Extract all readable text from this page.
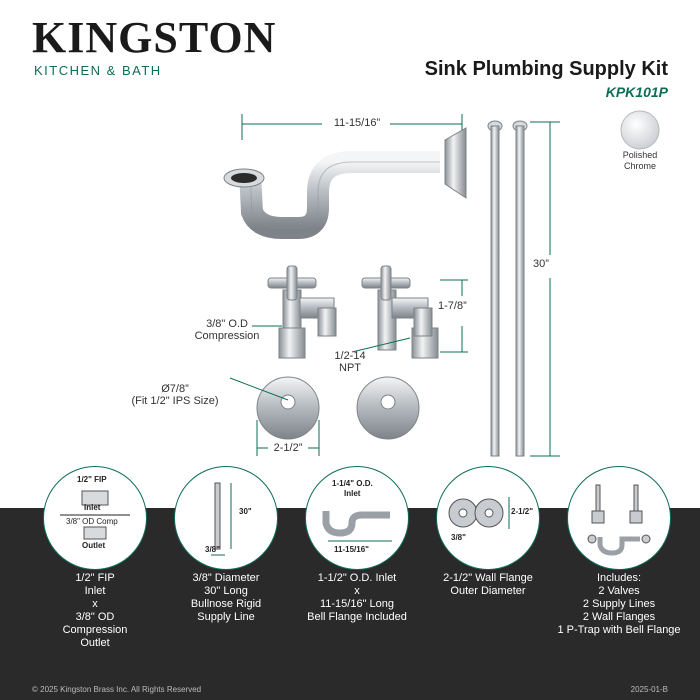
KINGSTON
KITCHEN & BATH	Sink Plumbing Supply Kit
KPK101P
Polished
Chrome
11-15/16”
30”
1-7/8”
3/8" O.D
Compression
1/2-14
NPT
Ø7/8”
(Fit 1/2" IPS Size)
2-1/2”
1/2" FIP
Inlet
3/8" OD Comp
Outlet
30"
3/8"
1-1/4" O.D.
Inlet
11-15/16"
2-1/2"
3/8"
1/2" FIP
Inlet
x
3/8" OD
Compression
Outlet
3/8" Diameter
30" Long
Bullnose Rigid
Supply Line
1-1/2" O.D. Inlet
x
11-15/16" Long
Bell Flange Included
2-1/2" Wall Flange
Outer Diameter
Includes:
2 Valves
2 Supply Lines
2 Wall Flanges
1 P-Trap with Bell Flange
© 2025 Kingston Brass Inc. All Rights Reserved	2025-01-B
